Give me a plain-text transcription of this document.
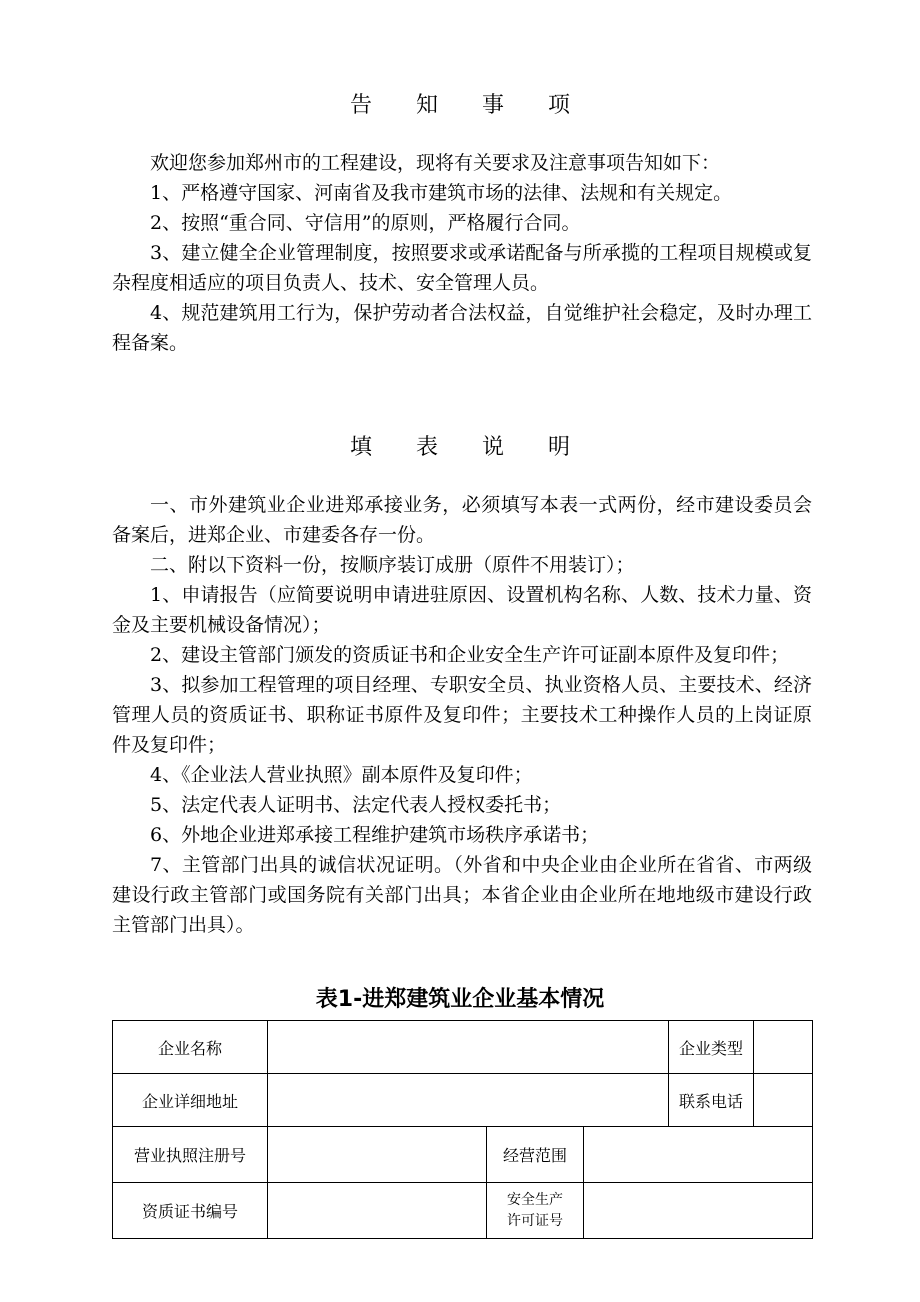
告知事项

欢迎您参加郑州市的工程建设，现将有关要求及注意事项告知如下：

1、严格遵守国家、河南省及我市建筑市场的法律、法规和有关规定。

2、按照“重合同、守信用”的原则，严格履行合同。

3、建立健全企业管理制度，按照要求或承诺配备与所承揽的工程项目规模或复杂程度相适应的项目负责人、技术、安全管理人员。

4、规范建筑用工行为，保护劳动者合法权益，自觉维护社会稳定，及时办理工程备案。

填表说明

一、市外建筑业企业进郑承接业务，必须填写本表一式两份，经市建设委员会备案后，进郑企业、市建委各存一份。

二、附以下资料一份，按顺序装订成册（原件不用装订）；

1、申请报告（应简要说明申请进驻原因、设置机构名称、人数、技术力量、资金及主要机械设备情况）；

2、建设主管部门颁发的资质证书和企业安全生产许可证副本原件及复印件；

3、拟参加工程管理的项目经理、专职安全员、执业资格人员、主要技术、经济管理人员的资质证书、职称证书原件及复印件；主要技术工种操作人员的上岗证原件及复印件；

4、《企业法人营业执照》副本原件及复印件；

5、法定代表人证明书、法定代表人授权委托书；

6、外地企业进郑承接工程维护建筑市场秩序承诺书；

7、主管部门出具的诚信状况证明。（外省和中央企业由企业所在省省、市两级建设行政主管部门或国务院有关部门出具；本省企业由企业所在地地级市建设行政主管部门出具）。

表1-进郑建筑业企业基本情况
企业名称				企业类型

企业详细地址				联系电话

营业执照注册号		经营范围		
资质证书编号		安全生产
许可证号		
